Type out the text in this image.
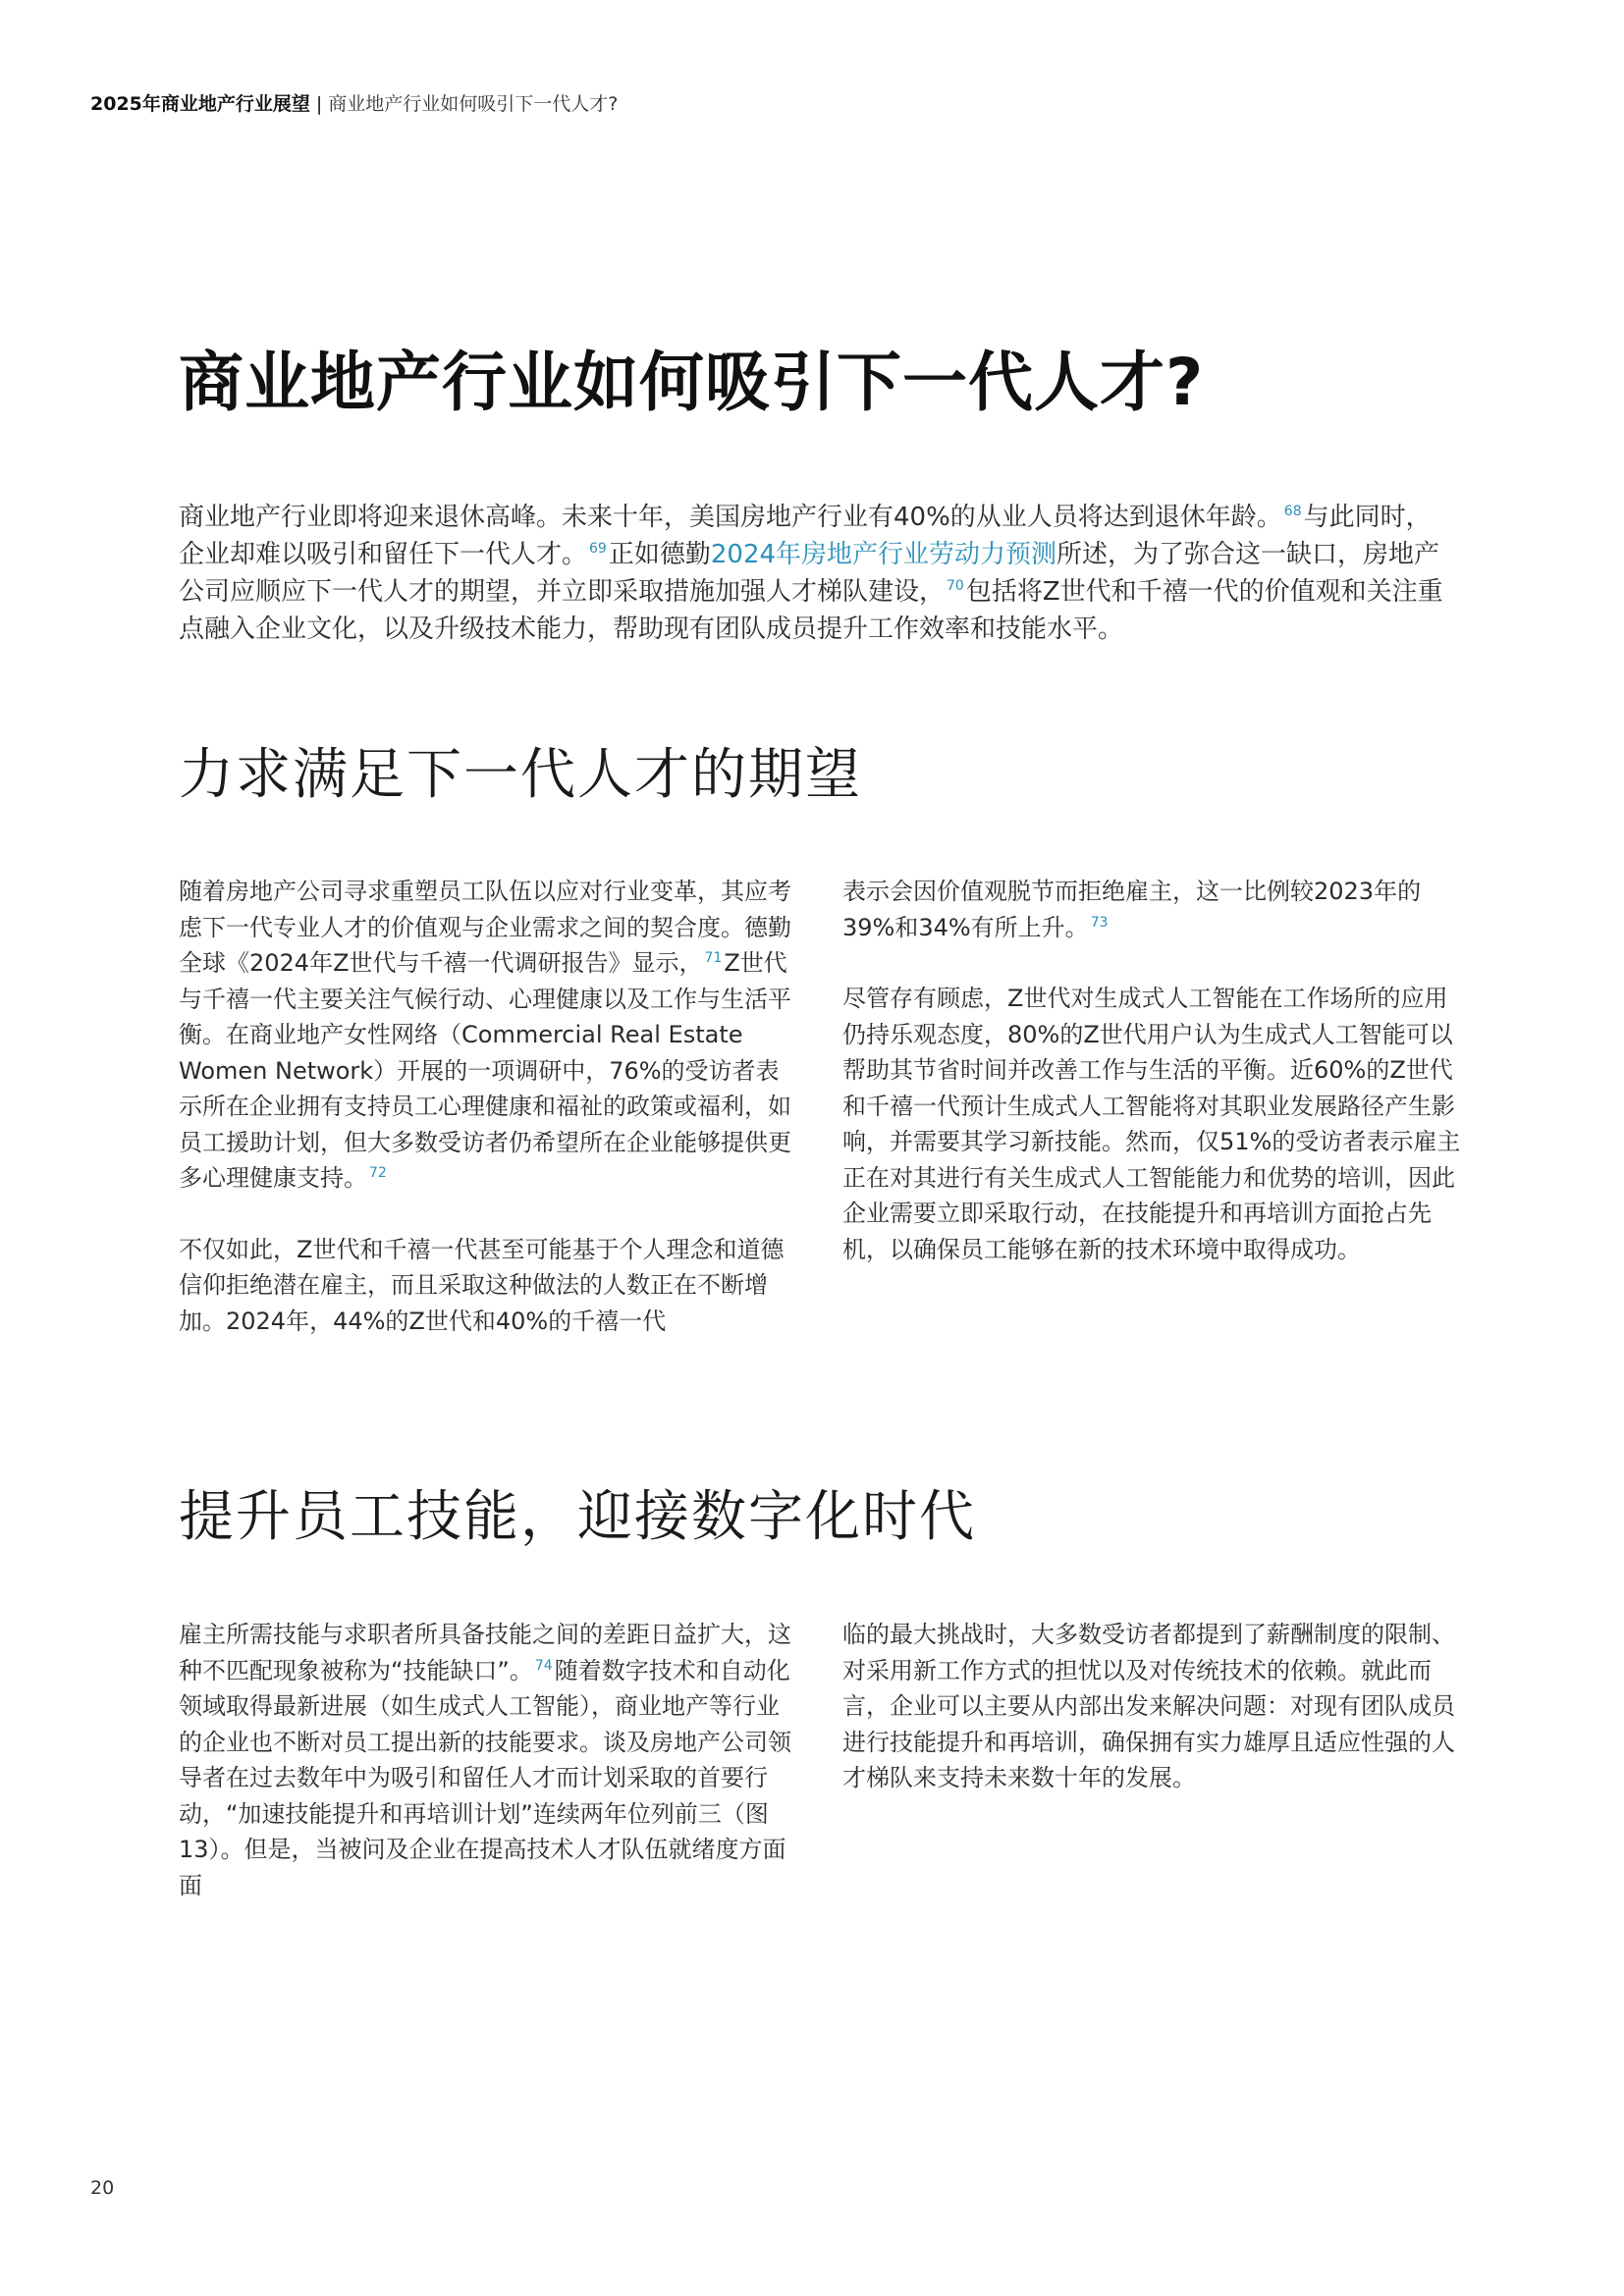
2025年商业地产行业展望 | 商业地产行业如何吸引下一代人才?
商业地产行业如何吸引下一代人才?

商业地产行业即将迎来退休高峰。未来十年，美国房地产行业有40%的从业人员将达到退休年龄。 $^{68}$与此同时，企业却难以吸引和留任下一代人才。 $^{69}$正如德勤2024年房地产行业劳动力预测所述，为了弥合这一缺口，房地产公司应顺应下一代人才的期望，并立即采取措施加强人才梯队建设， $^{70}$包括将Z世代和千禧一代的价值观和关注重点融入企业文化，以及升级技术能力，帮助现有团队成员提升工作效率和技能水平。

力求满足下一代人才的期望

随着房地产公司寻求重塑员工队伍以应对行业变革，其应考虑下一代专业人才的价值观与企业需求之间的契合度。德勤全球《2024年Z世代与千禧一代调研报告》显示， $^{71}$Z世代与千禧一代主要关注气候行动、心理健康以及工作与生活平衡。在商业地产女性网络（Commercial Real Estate Women Network）开展的一项调研中，76%的受访者表示所在企业拥有支持员工心理健康和福祉的政策或福利，如员工援助计划，但大多数受访者仍希望所在企业能够提供更多心理健康支持。 $^{72}$

不仅如此，Z世代和千禧一代甚至可能基于个人理念和道德信仰拒绝潜在雇主，而且采取这种做法的人数正在不断增加。2024年，44%的Z世代和40%的千禧一代

表示会因价值观脱节而拒绝雇主，这一比例较2023年的39%和34%有所上升。 $^{73}$

尽管存有顾虑，Z世代对生成式人工智能在工作场所的应用仍持乐观态度，80%的Z世代用户认为生成式人工智能可以帮助其节省时间并改善工作与生活的平衡。近60%的Z世代和千禧一代预计生成式人工智能将对其职业发展路径产生影响，并需要其学习新技能。然而，仅51%的受访者表示雇主正在对其进行有关生成式人工智能能力和优势的培训，因此企业需要立即采取行动，在技能提升和再培训方面抢占先机，以确保员工能够在新的技术环境中取得成功。

提升员工技能，迎接数字化时代

雇主所需技能与求职者所具备技能之间的差距日益扩大，这种不匹配现象被称为“技能缺口”。 $^{74}$随着数字技术和自动化领域取得最新进展（如生成式人工智能），商业地产等行业的企业也不断对员工提出新的技能要求。谈及房地产公司领导者在过去数年中为吸引和留任人才而计划采取的首要行动，“加速技能提升和再培训计划”连续两年位列前三（图13）。但是，当被问及企业在提高技术人才队伍就绪度方面面

临的最大挑战时，大多数受访者都提到了薪酬制度的限制、对采用新工作方式的担忧以及对传统技术的依赖。就此而言，企业可以主要从内部出发来解决问题：对现有团队成员进行技能提升和再培训，确保拥有实力雄厚且适应性强的人才梯队来支持未来数十年的发展。

20
